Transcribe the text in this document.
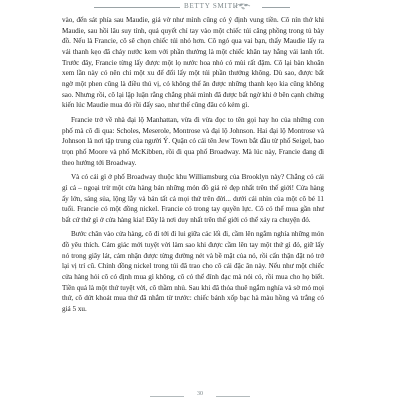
BETTY SMITH

vào, đến sát phía sau Maudie, giả vờ như mình cũng có ý định vung tiền. Cô nín thở khi Maudie, sau hồi lâu suy tính, quả quyết chỉ tay vào một chiếc túi căng phồng trong tủ bày đồ. Nếu là Francie, cô sẽ chọn chiếc túi nhỏ hơn. Cô ngó qua vai bạn, thấy Maudie lấy ra vải thanh kẹo đã chảy nước kem với phần thưởng là một chiếc khăn tay hằng vải lanh tốt. Trước đây, Francie từng lấy được một lọ nước hoa nhỏ có mùi rất đậm. Cô lại bàn khoăn xem lần này có nên chỉ một xu để đổi lấy một túi phần thưởng không. Dù sao, được bất ngờ một phen cũng là điều thú vị, có không thể ăn được những thanh kẹo kia cũng không sao. Nhưng rồi, cô lại lập luận rằng chẳng phải mình đã được bất ngờ khi ở bên cạnh chứng kiến lúc Maudie mua đó rồi đấy sao, như thế cũng đâu có kém gì.

Francie trở về nhà đại lộ Manhattan, vừa đi vừa đọc to tên gọi hay ho của những con phố mà cô đi qua: Scholes, Meserole, Montrose và đại lộ Johnson. Hai đại lộ Montrose và Johnson là nơi tập trung của người Ý. Quận có cái tên Jew Town bắt đầu từ phố Seigel, bao trọn phố Moore và phố McKibben, rồi đi qua phố Broadway. Mà lúc này, Francie đang đi theo hướng tới Broadway.

Và có cái gì ở phố Broadway thuộc khu Williamsburg của Brooklyn này? Chẳng có cái gì cả – ngoại trừ một cửa hàng bán những món đồ giá rẻ đẹp nhất trên thế giới! Cửa hàng ấy lớn, sáng sủa, lộng lẫy và bán tất cả mọi thứ trên đời... dưới cái nhìn của một cô bé 11 tuổi. Francie có một đồng nickel. Francie có trong tay quyền lực. Cô có thể mua gần như bất cứ thứ gì ở cửa hàng kia! Đây là nơi duy nhất trên thế giới có thể xảy ra chuyện đó.

Bước chân vào cửa hàng, cô đi tới đi lui giữa các lối đi, cầm lên ngắm nghía những món đồ yêu thích. Cảm giác mới tuyệt vời làm sao khi được cầm lên tay một thứ gì đó, giữ lấy nó trong giây lát, cảm nhận được từng đường nét và bề mặt của nó, rồi cẩn thận đặt nó trở lại vị trí cũ. Chính đồng nickel trong túi đã trao cho cô cái đặc ân này. Nếu như một chiếc cửa hàng hỏi cô có định mua gì không, cô có thể đính đạc mà nói có, rồi mua cho họ biết. Tiền quả là một thứ tuyệt vời, cô thầm nhủ. Sau khi đã thỏa thuê ngắm nghía và sờ mó mọi thứ, cô dứt khoát mua thứ đã nhắm từ trước: chiếc bánh xốp bạc hà màu hồng và trắng có giá 5 xu.

30
